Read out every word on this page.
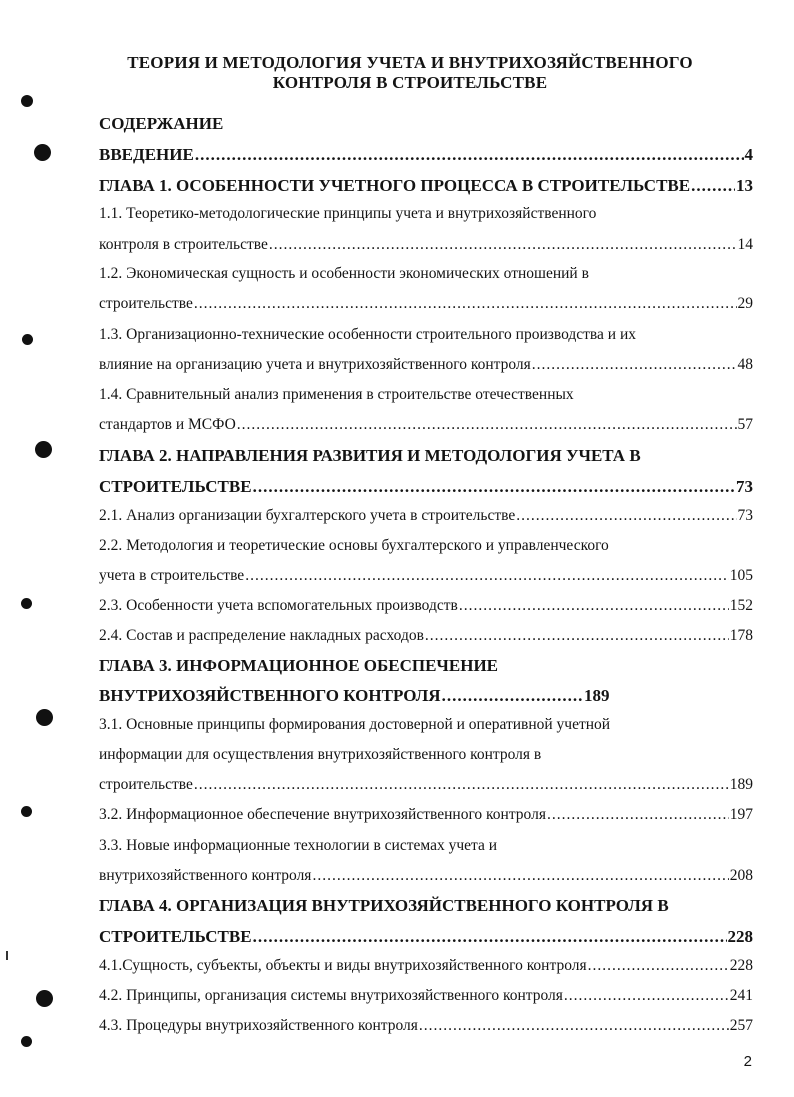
ТЕОРИЯ И МЕТОДОЛОГИЯ УЧЕТА И ВНУТРИХОЗЯЙСТВЕННОГО
КОНТРОЛЯ В СТРОИТЕЛЬСТВЕ
СОДЕРЖАНИЕ
ВВЕДЕНИЕ .....	4
ГЛАВА 1. ОСОБЕННОСТИ УЧЕТНОГО ПРОЦЕССА В СТРОИТЕЛЬСТВЕ .....	13
1.1. Теоретико-методологические принципы учета и внутрихозяйственного
контроля в строительстве .....	14
1.2. Экономическая сущность и особенности экономических отношений в
строительстве .....	29
1.3. Организационно-технические особенности строительного производства и их
влияние на организацию учета и внутрихозяйственного контроля .....	48
1.4. Сравнительный анализ применения в строительстве отечественных
стандартов и МСФО .....	57
ГЛАВА 2. НАПРАВЛЕНИЯ РАЗВИТИЯ И МЕТОДОЛОГИЯ УЧЕТА В
СТРОИТЕЛЬСТВЕ .....	73
2.1. Анализ организации бухгалтерского учета в строительстве .....	73
2.2. Методология и теоретические основы бухгалтерского и управленческого
учета в строительстве .....	105
2.3. Особенности учета вспомогательных производств .....	152
2.4. Состав и распределение накладных расходов .....	178
ГЛАВА 3. ИНФОРМАЦИОННОЕ ОБЕСПЕЧЕНИЕ
ВНУТРИХОЗЯЙСТВЕННОГО КОНТРОЛЯ .....	189
3.1. Основные принципы формирования достоверной и оперативной учетной
информации для осуществления внутрихозяйственного контроля в
строительстве .....	189
3.2. Информационное обеспечение внутрихозяйственного контроля .....	197
3.3. Новые информационные технологии в системах учета и
внутрихозяйственного контроля .....	208
ГЛАВА 4. ОРГАНИЗАЦИЯ ВНУТРИХОЗЯЙСТВЕННОГО КОНТРОЛЯ В
СТРОИТЕЛЬСТВЕ .....	228
4.1.Сущность, субъекты, объекты и виды внутрихозяйственного контроля .....	228
4.2. Принципы, организация системы внутрихозяйственного контроля .....	241
4.3. Процедуры внутрихозяйственного контроля .....	257
2
